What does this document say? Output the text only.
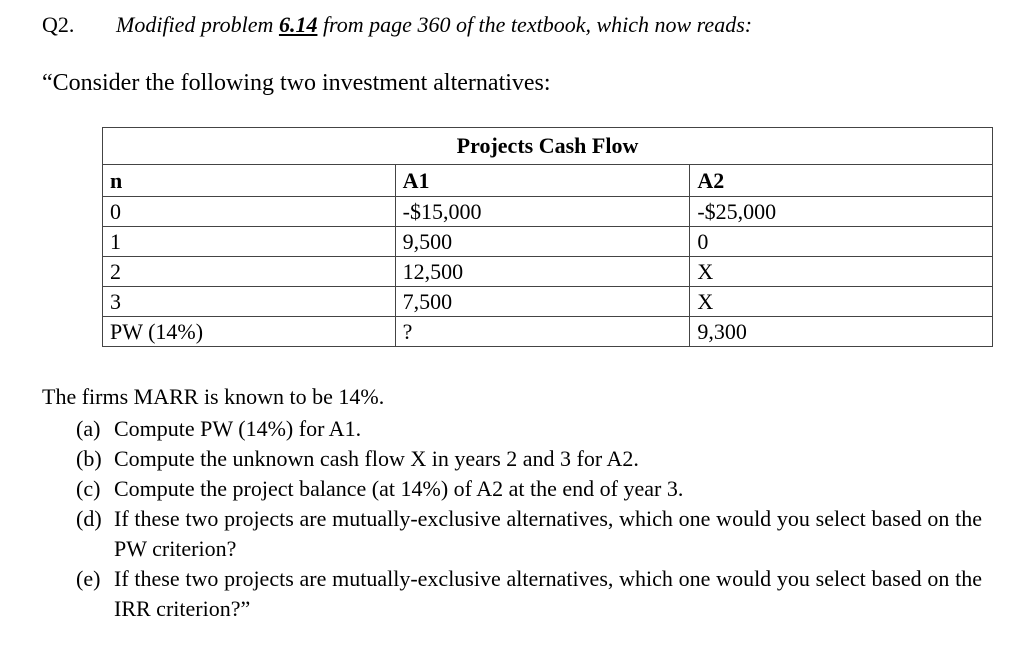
Q2. Modified problem 6.14 from page 360 of the textbook, which now reads:
“Consider the following two investment alternatives:
Projects Cash Flow		
n	A1	A2
0	-$15,000	-$25,000
1	9,500	0
2	12,500	X
3	7,500	X
PW (14%)	?	9,300
The firms MARR is known to be 14%.
(a) Compute PW (14%) for A1.
(b) Compute the unknown cash flow X in years 2 and 3 for A2.
(c) Compute the project balance (at 14%) of A2 at the end of year 3.
(d) If these two projects are mutually-exclusive alternatives, which one would you select based on the PW criterion?
(e) If these two projects are mutually-exclusive alternatives, which one would you select based on the IRR criterion?”
